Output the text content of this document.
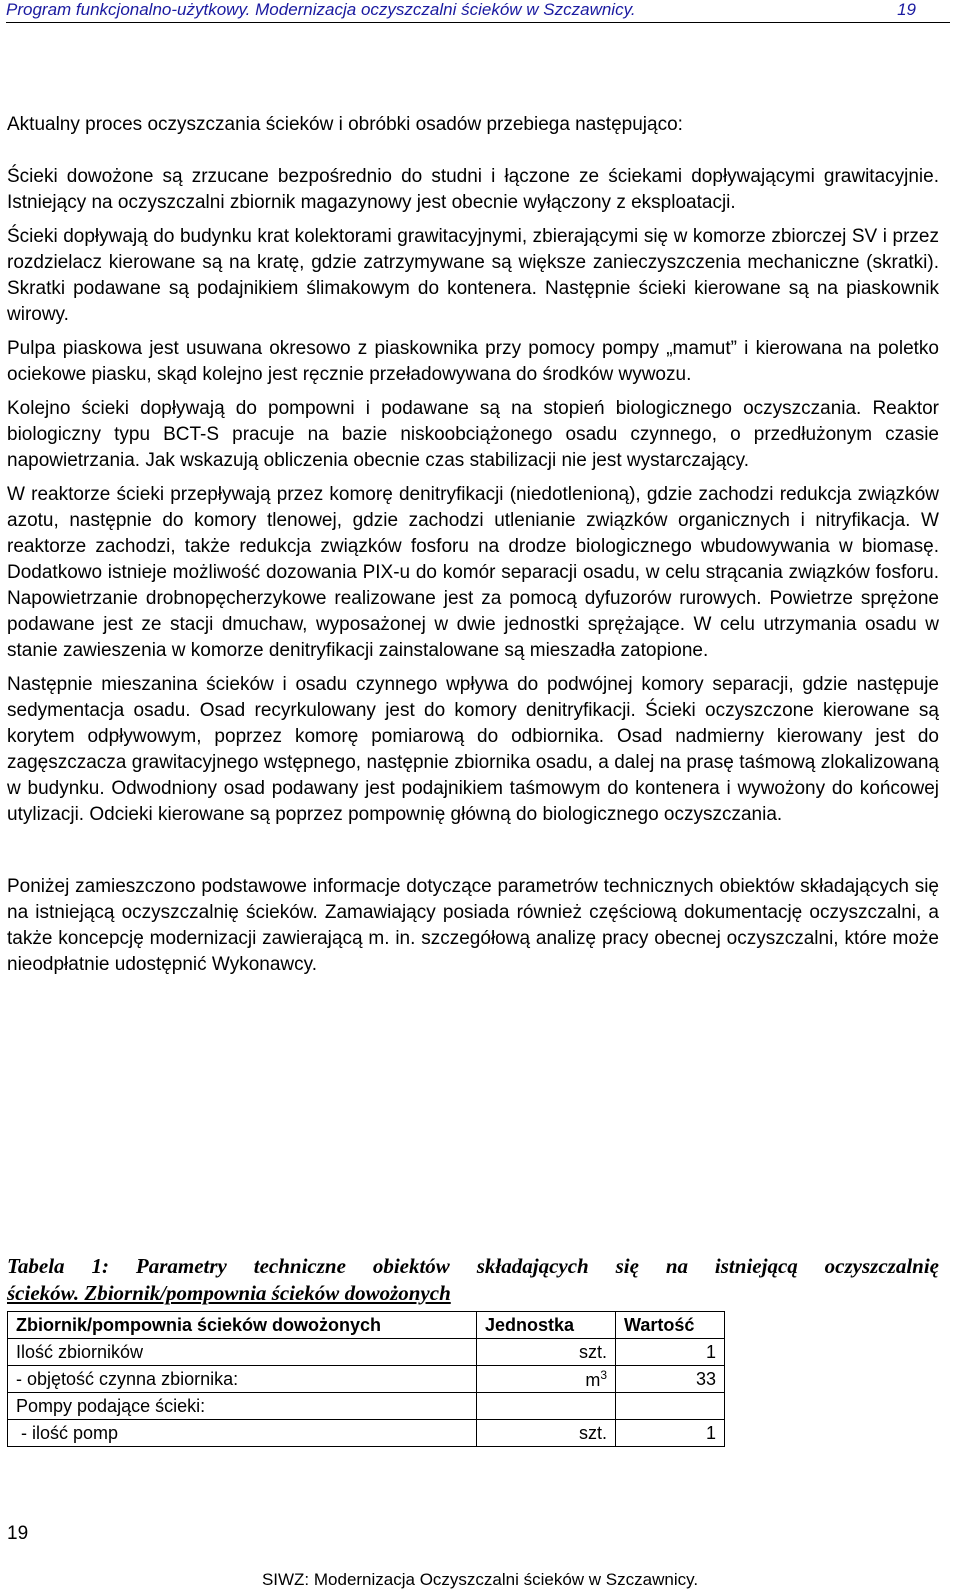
Program funkcjonalno-użytkowy. Modernizacja oczyszczalni ścieków w Szczawnicy.	19

Aktualny proces oczyszczania ścieków i obróbki osadów przebiega następująco:

Ścieki dowożone są zrzucane bezpośrednio do studni i łączone ze ściekami dopływającymi grawitacyjnie. Istniejący na oczyszczalni zbiornik magazynowy jest obecnie wyłączony z eksploatacji.

Ścieki dopływają do budynku krat kolektorami grawitacyjnymi, zbierającymi się w komorze zbiorczej SV i przez rozdzielacz kierowane są na kratę, gdzie zatrzymywane są większe zanieczyszczenia mechaniczne (skratki). Skratki podawane są podajnikiem ślimakowym do kontenera. Następnie ścieki kierowane są na piaskownik wirowy.

Pulpa piaskowa jest usuwana okresowo z piaskownika przy pomocy pompy „mamut” i kierowana na poletko ociekowe piasku, skąd kolejno jest ręcznie przeładowywana do środków wywozu.

Kolejno ścieki dopływają do pompowni i podawane są na stopień biologicznego oczyszczania. Reaktor biologiczny typu BCT-S pracuje na bazie niskoobciążonego osadu czynnego, o przedłużonym czasie napowietrzania. Jak wskazują obliczenia obecnie czas stabilizacji nie jest wystarczający.

W reaktorze ścieki przepływają przez komorę denitryfikacji (niedotlenioną), gdzie zachodzi redukcja związków azotu, następnie do komory tlenowej, gdzie zachodzi utlenianie związków organicznych i nitryfikacja. W reaktorze zachodzi, także redukcja związków fosforu na drodze biologicznego wbudowywania w biomasę. Dodatkowo istnieje możliwość dozowania PIX-u do komór separacji osadu, w celu strącania związków fosforu. Napowietrzanie drobnopęcherzykowe realizowane jest za pomocą dyfuzorów rurowych. Powietrze sprężone podawane jest ze stacji dmuchaw, wyposażonej w dwie jednostki sprężające. W celu utrzymania osadu w stanie zawieszenia w komorze denitryfikacji zainstalowane są mieszadła zatopione.

Następnie mieszanina ścieków i osadu czynnego wpływa do podwójnej komory separacji, gdzie następuje sedymentacja osadu. Osad recyrkulowany jest do komory denitryfikacji. Ścieki oczyszczone kierowane są korytem odpływowym, poprzez komorę pomiarową do odbiornika. Osad nadmierny kierowany jest do zagęszczacza grawitacyjnego wstępnego, następnie zbiornika osadu, a dalej na prasę taśmową zlokalizowaną w budynku. Odwodniony osad podawany jest podajnikiem taśmowym do kontenera i wywożony do końcowej utylizacji. Odcieki kierowane są poprzez pompownię główną do biologicznego oczyszczania.

Poniżej zamieszczono podstawowe informacje dotyczące parametrów technicznych obiektów składających się na istniejącą oczyszczalnię ścieków. Zamawiający posiada również częściową dokumentację oczyszczalni, a także koncepcję modernizacji zawierającą m. in. szczegółową analizę pracy obecnej oczyszczalni, które może nieodpłatnie udostępnić Wykonawcy.

Tabela 1: Parametry techniczne obiektów składających się na istniejącą oczyszczalnię
ścieków. Zbiornik/pompownia ścieków dowożonych
Zbiornik/pompownia ścieków dowożonych	Jednostka	Wartość
Ilość zbiorników	szt.	1
- objętość czynna zbiornika:	$m^3$	33
Pompy podające ścieki:		
- ilość pomp	szt.	1
19
SIWZ: Modernizacja Oczyszczalni ścieków w Szczawnicy.
